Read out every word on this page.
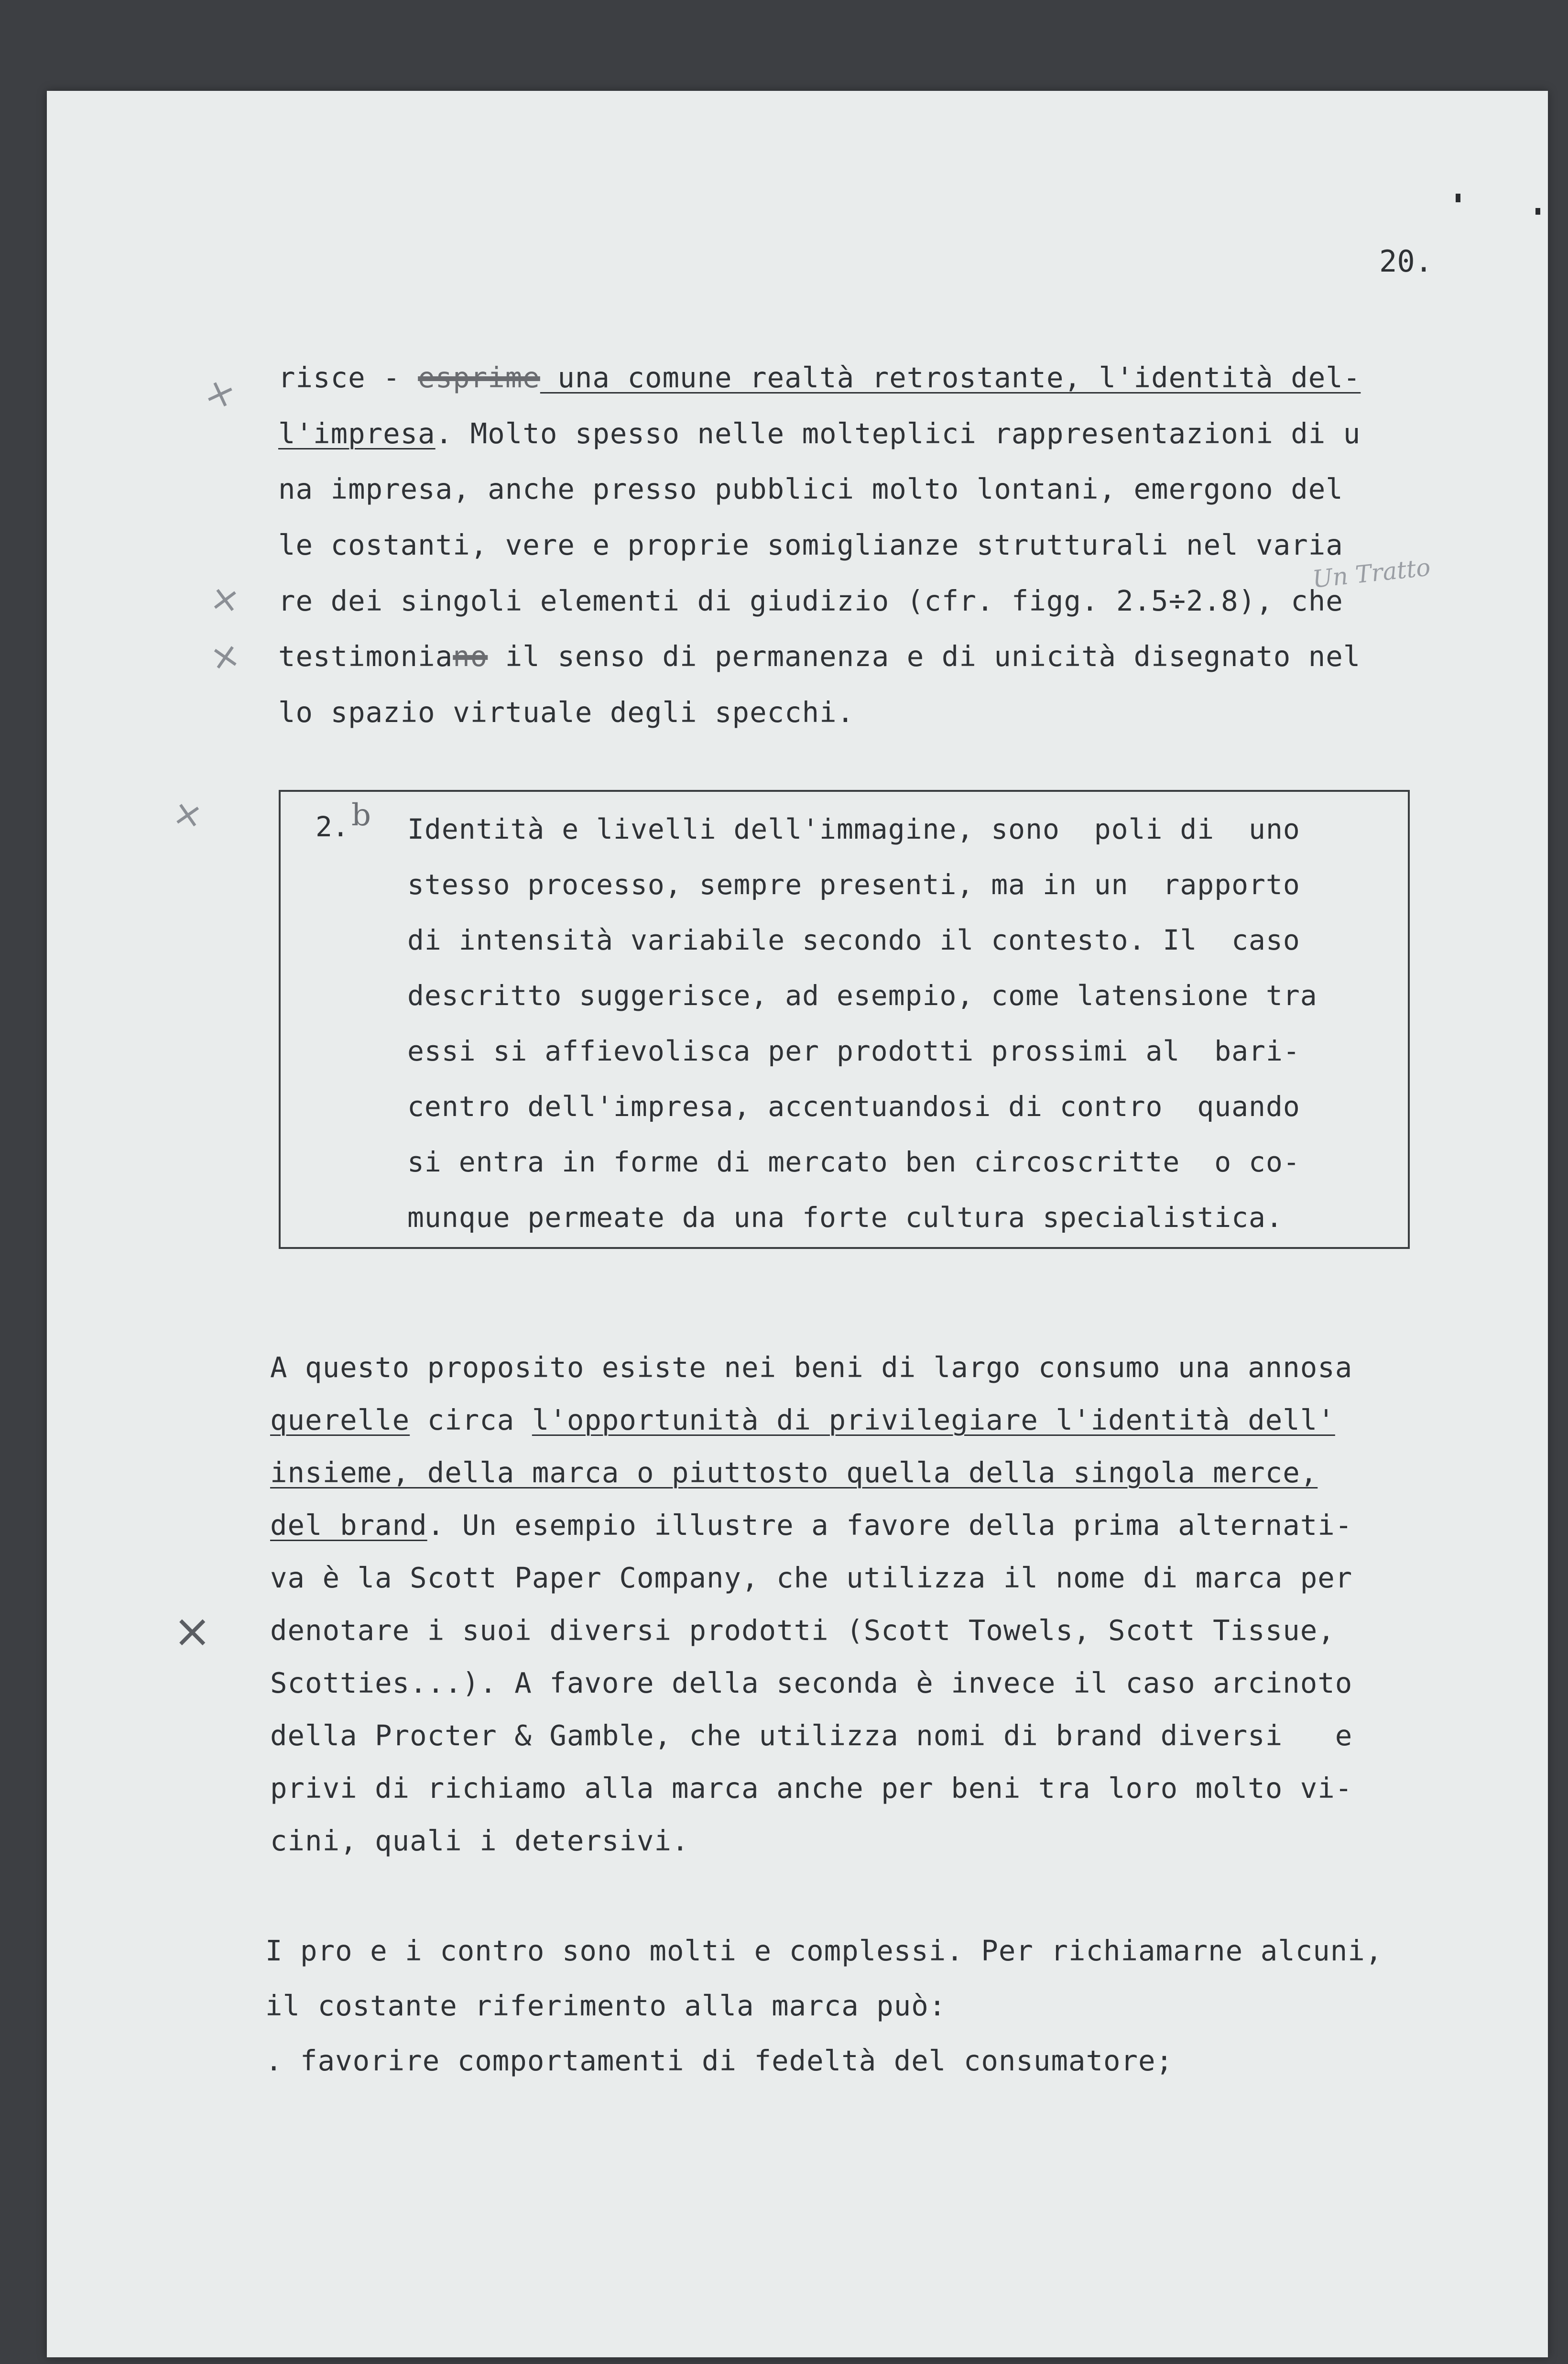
20.
×
×
×
×
×
risce - esprime una comune realtà retrostante, l'identità del-
l'impresa. Molto spesso nelle molteplici rappresentazioni di u
na impresa, anche presso pubblici molto lontani, emergono del
le costanti, vere e proprie somiglianze strutturali nel varia
Un Tratto
re dei singoli elementi di giudizio (cfr. figg. 2.5÷2.8), che
testimoniano il senso di permanenza e di unicità disegnato nel
lo spazio virtuale degli specchi.
2. b Identità e livelli dell'immagine, sono  poli di  uno
stesso processo, sempre presenti, ma in un  rapporto
di intensità variabile secondo il contesto. Il  caso
descritto suggerisce, ad esempio, come latensione tra
essi si affievolisca per prodotti prossimi al  bari-
centro dell'impresa, accentuandosi di contro  quando
si entra in forme di mercato ben circoscritte  o co-
munque permeate da una forte cultura specialistica.
A questo proposito esiste nei beni di largo consumo una annosa
querelle circa l'opportunità di privilegiare l'identità dell'
insieme, della marca o piuttosto quella della singola merce,
del brand. Un esempio illustre a favore della prima alternati-
va è la Scott Paper Company, che utilizza il nome di marca per
denotare i suoi diversi prodotti (Scott Towels, Scott Tissue,
Scotties...). A favore della seconda è invece il caso arcinoto
della Procter & Gamble, che utilizza nomi di brand diversi   e
privi di richiamo alla marca anche per beni tra loro molto vi-
cini, quali i detersivi.
I pro e i contro sono molti e complessi. Per richiamarne alcuni,
il costante riferimento alla marca può:
. favorire comportamenti di fedeltà del consumatore;
